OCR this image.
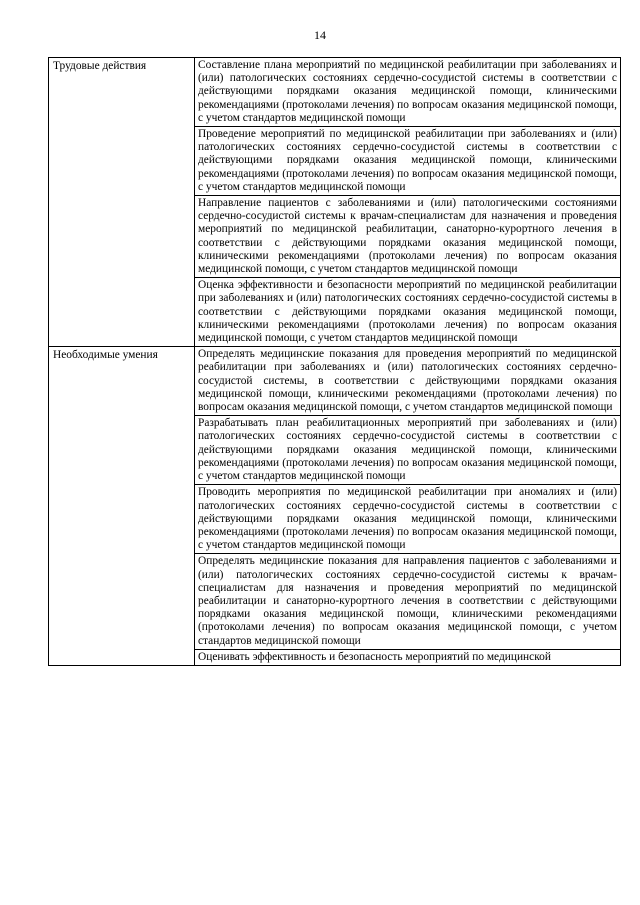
14
Трудовые действия	Составление плана мероприятий по медицинской реабилитации при заболеваниях и (или) патологических состояниях сердечно-сосудистой системы в соответствии с действующими порядками оказания медицинской помощи, клиническими рекомендациями (протоколами лечения) по вопросам оказания медицинской помощи, с учетом стандартов медицинской помощи
Проведение мероприятий по медицинской реабилитации при заболеваниях и (или) патологических состояниях сердечно-сосудистой системы в соответствии с действующими порядками оказания медицинской помощи, клиническими рекомендациями (протоколами лечения) по вопросам оказания медицинской помощи, с учетом стандартов медицинской помощи
Направление пациентов с заболеваниями и (или) патологическими состояниями сердечно-сосудистой системы к врачам-специалистам для назначения и проведения мероприятий по медицинской реабилитации, санаторно-курортного лечения в соответствии с действующими порядками оказания медицинской помощи, клиническими рекомендациями (протоколами лечения) по вопросам оказания медицинской помощи, с учетом стандартов медицинской помощи
Оценка эффективности и безопасности мероприятий по медицинской реабилитации при заболеваниях и (или) патологических состояниях сердечно-сосудистой системы в соответствии с действующими порядками оказания медицинской помощи, клиническими рекомендациями (протоколами лечения) по вопросам оказания медицинской помощи, с учетом стандартов медицинской помощи

Необходимые умения	Определять медицинские показания для проведения мероприятий по медицинской реабилитации при заболеваниях и (или) патологических состояниях сердечно-сосудистой системы, в соответствии с действующими порядками оказания медицинской помощи, клиническими рекомендациями (протоколами лечения) по вопросам оказания медицинской помощи, с учетом стандартов медицинской помощи
Разрабатывать план реабилитационных мероприятий при заболеваниях и (или) патологических состояниях сердечно-сосудистой системы в соответствии с действующими порядками оказания медицинской помощи, клиническими рекомендациями (протоколами лечения) по вопросам оказания медицинской помощи, с учетом стандартов медицинской помощи
Проводить мероприятия по медицинской реабилитации при аномалиях и (или) патологических состояниях сердечно-сосудистой системы в соответствии с действующими порядками оказания медицинской помощи, клиническими рекомендациями (протоколами лечения) по вопросам оказания медицинской помощи, с учетом стандартов медицинской помощи
Определять медицинские показания для направления пациентов с заболеваниями и (или) патологических состояниях сердечно-сосудистой системы к врачам-специалистам для назначения и проведения мероприятий по медицинской реабилитации и санаторно-курортного лечения в соответствии с действующими порядками оказания медицинской помощи, клиническими рекомендациями (протоколами лечения) по вопросам оказания медицинской помощи, с учетом стандартов медицинской помощи
Оценивать эффективность и безопасность мероприятий по медицинской
